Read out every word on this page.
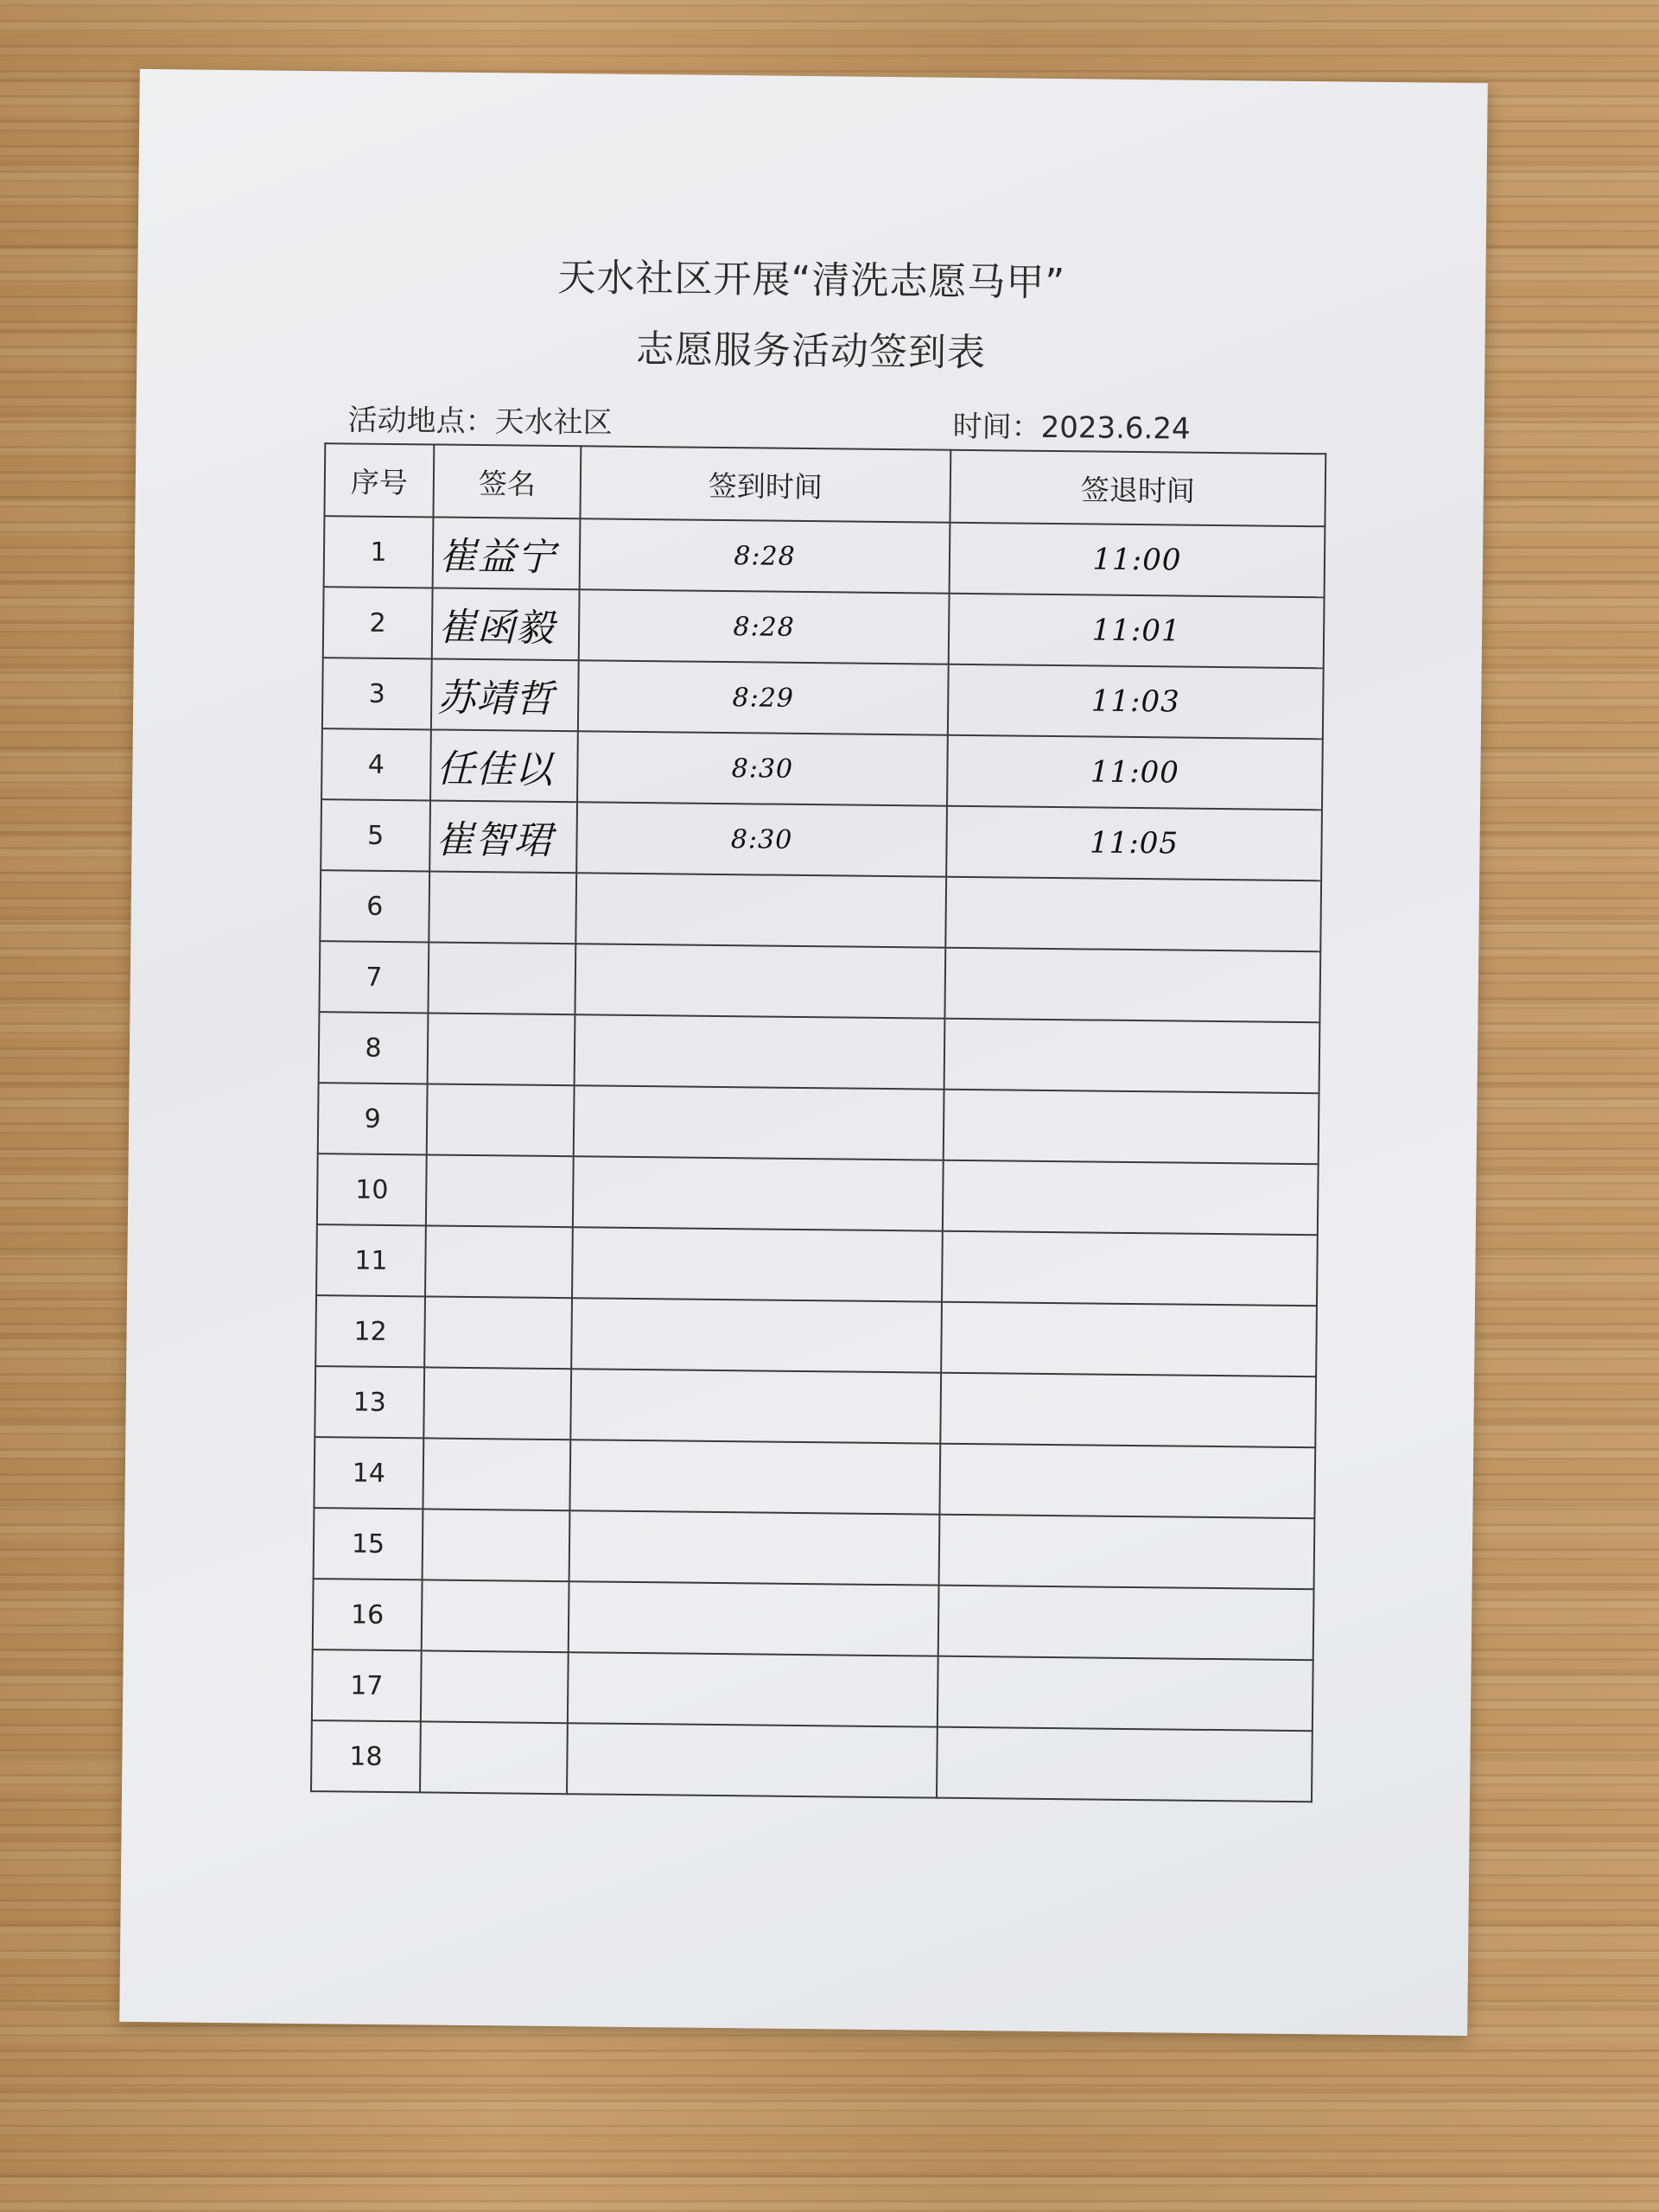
天水社区开展“清洗志愿马甲”
志愿服务活动签到表
活动地点：天水社区	时间：2023.6.24
序号	签名	签到时间	签退时间
1	崔益宁	8:28	11:00
2	崔函毅	8:28	11:01
3	苏靖哲	8:29	11:03
4	任佳以	8:30	11:00
5	崔智珺	8:30	11:05
6			
7			
8			
9			
10			
11			
12			
13			
14			
15			
16			
17			
18			
